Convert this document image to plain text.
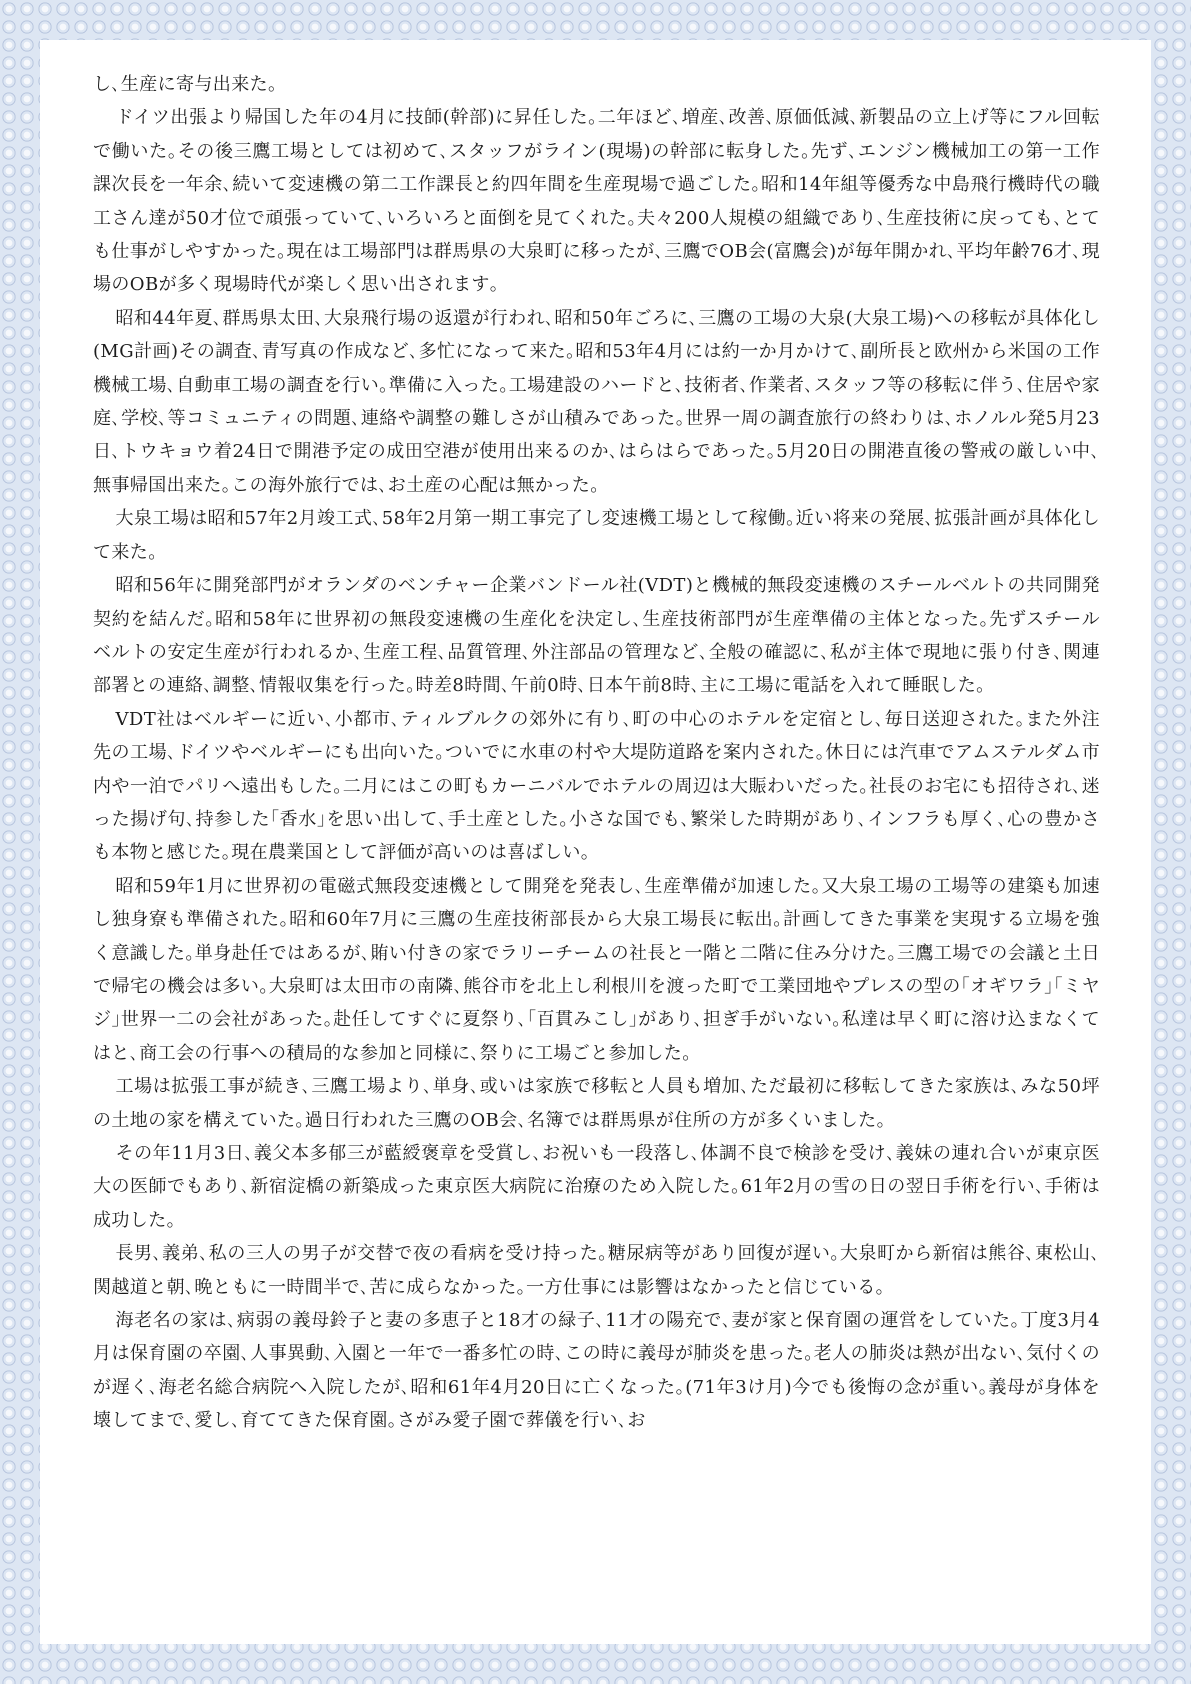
し､生産に寄与出来た｡

ドイツ出張より帰国した年の4月に技師(幹部)に昇任した｡二年ほど､増産､改善､原価低減､新製品の立上げ等にフル回転で働いた｡その後三鷹工場としては初めて､スタッフがライン(現場)の幹部に転身した｡先ず､エンジン機械加工の第一工作課次長を一年余､続いて変速機の第二工作課長と約四年間を生産現場で過ごした｡昭和14年組等優秀な中島飛行機時代の職工さん達が50才位で頑張っていて､いろいろと面倒を見てくれた｡夫々200人規模の組織であり､生産技術に戻っても､とても仕事がしやすかった｡現在は工場部門は群馬県の大泉町に移ったが､三鷹でOB会(富鷹会)が毎年開かれ､平均年齢76才､現場のOBが多く現場時代が楽しく思い出されます｡

昭和44年夏､群馬県太田､大泉飛行場の返還が行われ､昭和50年ごろに､三鷹の工場の大泉(大泉工場)への移転が具体化し(MG計画)その調査､青写真の作成など､多忙になって来た｡昭和53年4月には約一か月かけて､副所長と欧州から米国の工作機械工場､自動車工場の調査を行い｡準備に入った｡工場建設のハードと､技術者､作業者､スタッフ等の移転に伴う､住居や家庭､学校､等コミュニティの問題､連絡や調整の難しさが山積みであった｡世界一周の調査旅行の終わりは､ホノルル発5月23日､トウキョウ着24日で開港予定の成田空港が使用出来るのか､はらはらであった｡5月20日の開港直後の警戒の厳しい中､無事帰国出来た｡この海外旅行では､お土産の心配は無かった｡

大泉工場は昭和57年2月竣工式､58年2月第一期工事完了し変速機工場として稼働｡近い将来の発展､拡張計画が具体化して来た｡

昭和56年に開発部門がオランダのベンチャー企業バンドール社(VDT)と機械的無段変速機のスチールベルトの共同開発契約を結んだ｡昭和58年に世界初の無段変速機の生産化を決定し､生産技術部門が生産準備の主体となった｡先ずスチールベルトの安定生産が行われるか､生産工程､品質管理､外注部品の管理など､全般の確認に､私が主体で現地に張り付き､関連部署との連絡､調整､情報収集を行った｡時差8時間､午前0時､日本午前8時､主に工場に電話を入れて睡眠した｡

VDT社はベルギーに近い､小都市､ティルブルクの郊外に有り､町の中心のホテルを定宿とし､毎日送迎された｡また外注先の工場､ドイツやベルギーにも出向いた｡ついでに水車の村や大堤防道路を案内された｡休日には汽車でアムステルダム市内や一泊でパリへ遠出もした｡二月にはこの町もカーニバルでホテルの周辺は大賑わいだった｡社長のお宅にも招待され､迷った揚げ句､持参した｢香水｣を思い出して､手土産とした｡小さな国でも､繁栄した時期があり､インフラも厚く､心の豊かさも本物と感じた｡現在農業国として評価が高いのは喜ばしい｡

昭和59年1月に世界初の電磁式無段変速機として開発を発表し､生産準備が加速した｡又大泉工場の工場等の建築も加速し独身寮も準備された｡昭和60年7月に三鷹の生産技術部長から大泉工場長に転出｡計画してきた事業を実現する立場を強く意識した｡単身赴任ではあるが､賄い付きの家でラリーチームの社長と一階と二階に住み分けた｡三鷹工場での会議と土日で帰宅の機会は多い｡大泉町は太田市の南隣､熊谷市を北上し利根川を渡った町で工業団地やプレスの型の｢オギワラ｣｢ミヤジ｣世界一二の会社があった｡赴任してすぐに夏祭り､｢百貫みこし｣があり､担ぎ手がいない｡私達は早く町に溶け込まなくてはと､商工会の行事への積局的な参加と同様に､祭りに工場ごと参加した｡

工場は拡張工事が続き､三鷹工場より､単身､或いは家族で移転と人員も増加､ただ最初に移転してきた家族は､みな50坪の土地の家を構えていた｡過日行われた三鷹のOB会､名簿では群馬県が住所の方が多くいました｡

その年11月3日､義父本多郁三が藍綬褒章を受賞し､お祝いも一段落し､体調不良で検診を受け､義妹の連れ合いが東京医大の医師でもあり､新宿淀橋の新築成った東京医大病院に治療のため入院した｡61年2月の雪の日の翌日手術を行い､手術は成功した｡

長男､義弟､私の三人の男子が交替で夜の看病を受け持った｡糖尿病等があり回復が遅い｡大泉町から新宿は熊谷､東松山､関越道と朝､晩ともに一時間半で､苦に成らなかった｡一方仕事には影響はなかったと信じている｡

海老名の家は､病弱の義母鈴子と妻の多恵子と18才の緑子､11才の陽充で､妻が家と保育園の運営をしていた｡丁度3月4月は保育園の卒園､人事異動､入園と一年で一番多忙の時､この時に義母が肺炎を患った｡老人の肺炎は熱が出ない､気付くのが遅く､海老名総合病院へ入院したが､昭和61年4月20日に亡くなった｡(71年3け月)今でも後悔の念が重い｡義母が身体を壊してまで､愛し､育ててきた保育園｡さがみ愛子園で葬儀を行い､お
